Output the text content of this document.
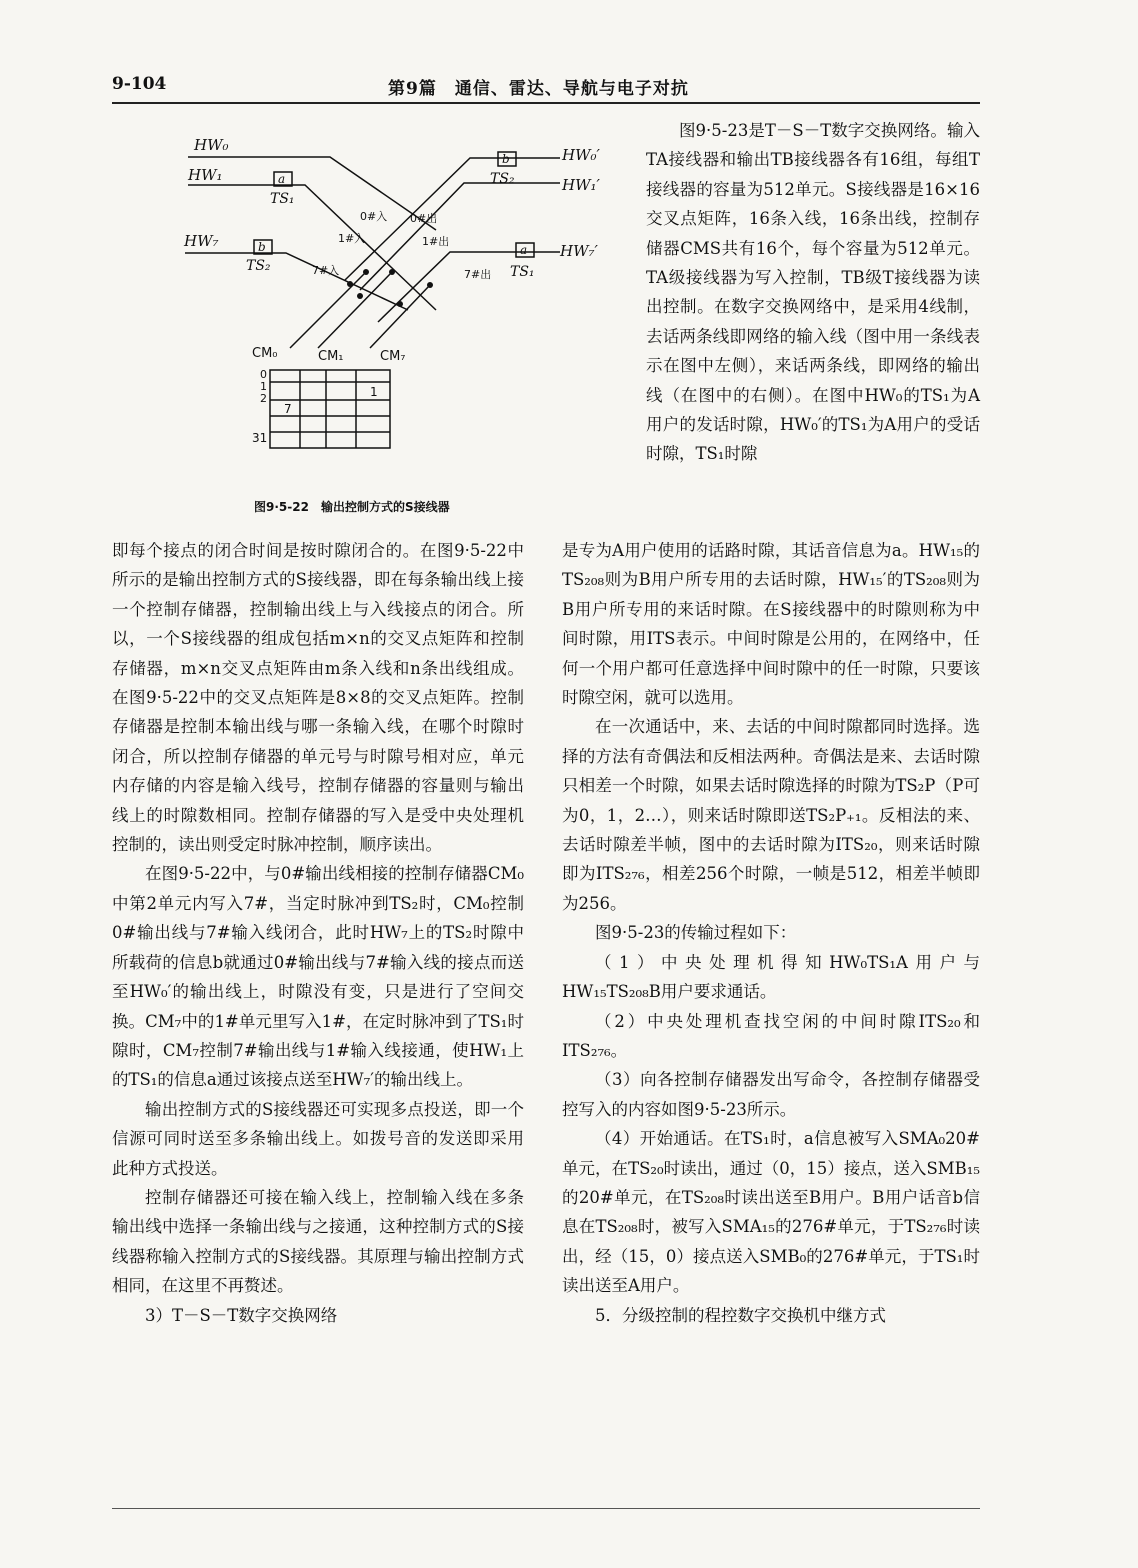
9-104	第9篇　通信、雷达、导航与电子对抗
HW₀
HW₁
HW₇
HW₀′
HW₁′
HW₇′
a
TS₁
b
TS₂
b
TS₂
a
TS₁
0#入 0#出
1#入	1#出
7#入	7#出
CM₀	CM₁	CM₇
0
1
2
31
7
1
图9·5-22　输出控制方式的S接线器

图9·5-23是T－S－T数字交换网络。输入TA接线器和输出TB接线器各有16组，每组T接线器的容量为512单元。S接线器是16×16交叉点矩阵，16条入线，16条出线，控制存储器CMS共有16个，每个容量为512单元。TA级接线器为写入控制，TB级T接线器为读出控制。在数字交换网络中，是采用4线制，去话两条线即网络的输入线（图中用一条线表示在图中左侧），来话两条线，即网络的输出线（在图中的右侧）。在图中HW₀的TS₁为A用户的发话时隙，HW₀′的TS₁为A用户的受话时隙，TS₁时隙

即每个接点的闭合时间是按时隙闭合的。在图9·5-22中所示的是输出控制方式的S接线器，即在每条输出线上接一个控制存储器，控制输出线上与入线接点的闭合。所以，一个S接线器的组成包括m×n的交叉点矩阵和控制存储器，m×n交叉点矩阵由m条入线和n条出线组成。在图9·5-22中的交叉点矩阵是8×8的交叉点矩阵。控制存储器是控制本输出线与哪一条输入线，在哪个时隙时闭合，所以控制存储器的单元号与时隙号相对应，单元内存储的内容是输入线号，控制存储器的容量则与输出线上的时隙数相同。控制存储器的写入是受中央处理机控制的，读出则受定时脉冲控制，顺序读出。

在图9·5-22中，与0#输出线相接的控制存储器CM₀中第2单元内写入7#，当定时脉冲到TS₂时，CM₀控制0#输出线与7#输入线闭合，此时HW₇上的TS₂时隙中所载荷的信息b就通过0#输出线与7#输入线的接点而送至HW₀′的输出线上，时隙没有变，只是进行了空间交换。CM₇中的1#单元里写入1#，在定时脉冲到了TS₁时隙时，CM₇控制7#输出线与1#输入线接通，使HW₁上的TS₁的信息a通过该接点送至HW₇′的输出线上。

输出控制方式的S接线器还可实现多点投送，即一个信源可同时送至多条输出线上。如拨号音的发送即采用此种方式投送。

控制存储器还可接在输入线上，控制输入线在多条输出线中选择一条输出线与之接通，这种控制方式的S接线器称输入控制方式的S接线器。其原理与输出控制方式相同，在这里不再赘述。

3）T－S－T数字交换网络

是专为A用户使用的话路时隙，其话音信息为a。HW₁₅的TS₂₀₈则为B用户所专用的去话时隙，HW₁₅′的TS₂₀₈则为B用户所专用的来话时隙。在S接线器中的时隙则称为中间时隙，用ITS表示。中间时隙是公用的，在网络中，任何一个用户都可任意选择中间时隙中的任一时隙，只要该时隙空闲，就可以选用。

在一次通话中，来、去话的中间时隙都同时选择。选择的方法有奇偶法和反相法两种。奇偶法是来、去话时隙只相差一个时隙，如果去话时隙选择的时隙为TS₂P（P可为0，1，2…），则来话时隙即送TS₂P₊₁。反相法的来、去话时隙差半帧，图中的去话时隙为ITS₂₀，则来话时隙即为ITS₂₇₆，相差256个时隙，一帧是512，相差半帧即为256。

图9·5-23的传输过程如下：

（1）中央处理机得知HW₀TS₁A用户与HW₁₅TS₂₀₈B用户要求通话。

（2）中央处理机查找空闲的中间时隙ITS₂₀和ITS₂₇₆。

（3）向各控制存储器发出写命令，各控制存储器受控写入的内容如图9·5-23所示。

（4）开始通话。在TS₁时，a信息被写入SMA₀20#单元，在TS₂₀时读出，通过（0，15）接点，送入SMB₁₅的20#单元，在TS₂₀₈时读出送至B用户。B用户话音b信息在TS₂₀₈时，被写入SMA₁₅的276#单元，于TS₂₇₆时读出，经（15，0）接点送入SMB₀的276#单元，于TS₁时读出送至A用户。

5．分级控制的程控数字交换机中继方式
